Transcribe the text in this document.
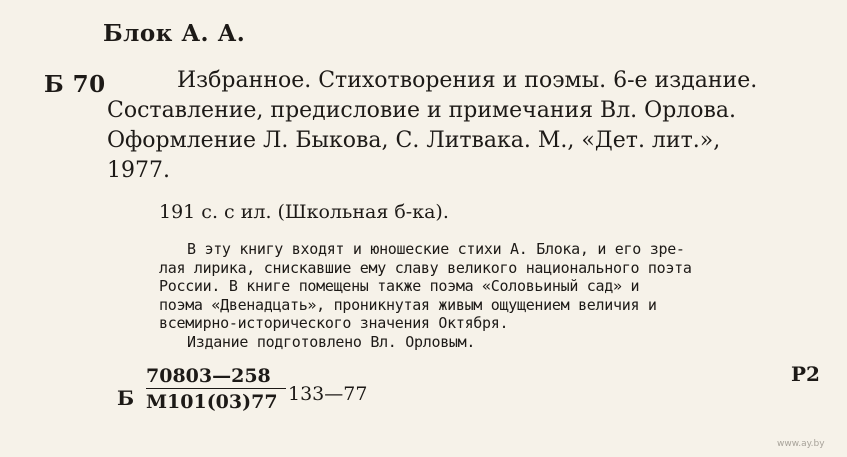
Блок А. А.
Б 70	Избранное. Стихотворения и поэмы. 6-е издание.
Составление, предисловие и примечания Вл. Орлова.
Оформление Л. Быкова, С. Литвака. М., «Дет. лит.»,
1977.
191 с. с ил. (Школьная б-ка).
В эту книгу входят и юношеские стихи А. Блока, и его зре-
лая лирика, снискавшие ему славу великого национального поэта
России. В книге помещены также поэма «Соловьиный сад» и
поэма «Двенадцать», проникнутая живым ощущением величия и
всемирно-исторического значения Октября.
Издание подготовлено Вл. Орловым.
Р2
Б
70803—258
М101(03)77 133—77
www.ay.by
